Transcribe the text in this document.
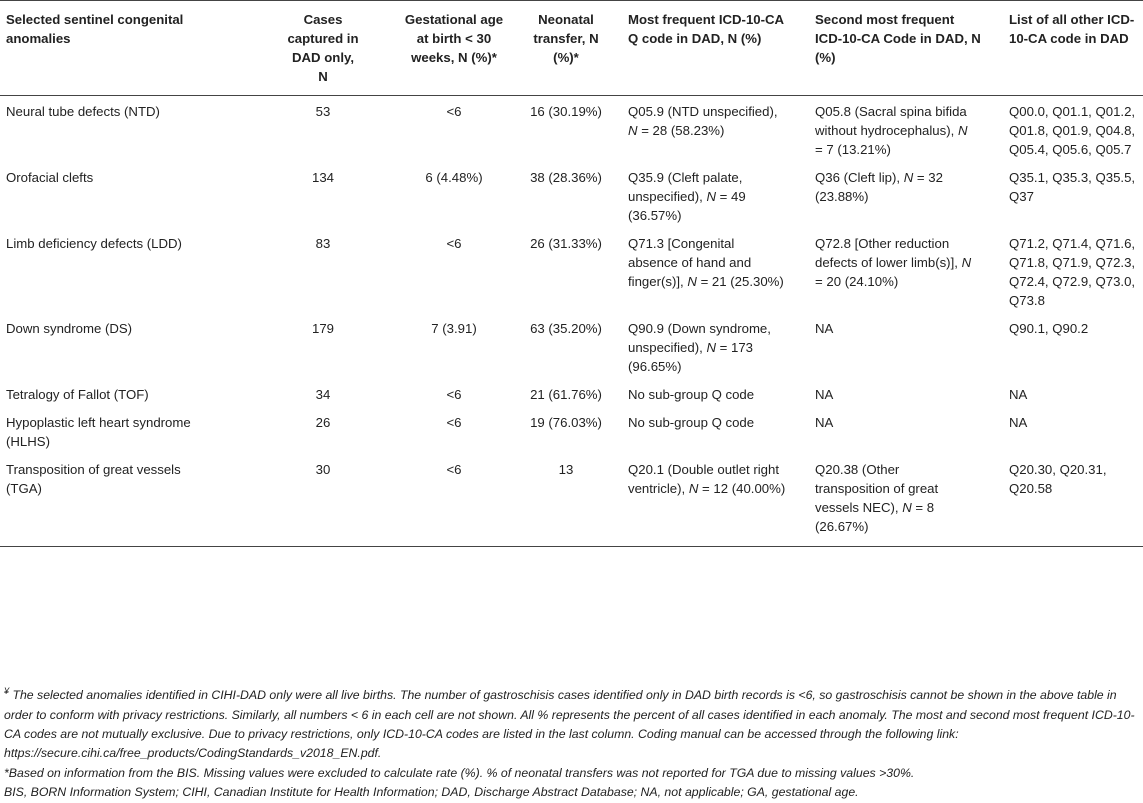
Selected sentinel congenital anomalies	Cases captured in DAD only, N	Gestational age at birth < 30 weeks, N (%)*	Neonatal transfer, N (%)*	Most frequent ICD-10-CA Q code in DAD, N (%)	Second most frequent ICD-10-CA Code in DAD, N (%)	List of all other ICD-10-CA code in DAD
Neural tube defects (NTD)	53	<6	16 (30.19%)	Q05.9 (NTD unspecified), N = 28 (58.23%)	Q05.8 (Sacral spina bifida without hydrocephalus), N = 7 (13.21%)	Q00.0, Q01.1, Q01.2, Q01.8, Q01.9, Q04.8, Q05.4, Q05.6, Q05.7
Orofacial clefts	134	6 (4.48%)	38 (28.36%)	Q35.9 (Cleft palate, unspecified), N = 49 (36.57%)	Q36 (Cleft lip), N = 32 (23.88%)	Q35.1, Q35.3, Q35.5, Q37
Limb deficiency defects (LDD)	83	<6	26 (31.33%)	Q71.3 [Congenital absence of hand and finger(s)], N = 21 (25.30%)	Q72.8 [Other reduction defects of lower limb(s)], N = 20 (24.10%)	Q71.2, Q71.4, Q71.6, Q71.8, Q71.9, Q72.3, Q72.4, Q72.9, Q73.0, Q73.8
Down syndrome (DS)	179	7 (3.91)	63 (35.20%)	Q90.9 (Down syndrome, unspecified), N = 173 (96.65%)	NA	Q90.1, Q90.2
Tetralogy of Fallot (TOF)	34	<6	21 (61.76%)	No sub-group Q code	NA	NA
Hypoplastic left heart syndrome (HLHS)	26	<6	19 (76.03%)	No sub-group Q code	NA	NA
Transposition of great vessels (TGA)	30	<6	13	Q20.1 (Double outlet right ventricle), N = 12 (40.00%)	Q20.38 (Other transposition of great vessels NEC), N = 8 (26.67%)	Q20.30, Q20.31, Q20.58

¥ The selected anomalies identified in CIHI-DAD only were all live births. The number of gastroschisis cases identified only in DAD birth records is <6, so gastroschisis cannot be shown in the above table in order to conform with privacy restrictions. Similarly, all numbers < 6 in each cell are not shown. All % represents the percent of all cases identified in each anomaly. The most and second most frequent ICD-10-CA codes are not mutually exclusive. Due to privacy restrictions, only ICD-10-CA codes are listed in the last column. Coding manual can be accessed through the following link: https://secure.cihi.ca/free_products/CodingStandards_v2018_EN.pdf.

*Based on information from the BIS. Missing values were excluded to calculate rate (%). % of neonatal transfers was not reported for TGA due to missing values >30%.

BIS, BORN Information System; CIHI, Canadian Institute for Health Information; DAD, Discharge Abstract Database; NA, not applicable; GA, gestational age.
